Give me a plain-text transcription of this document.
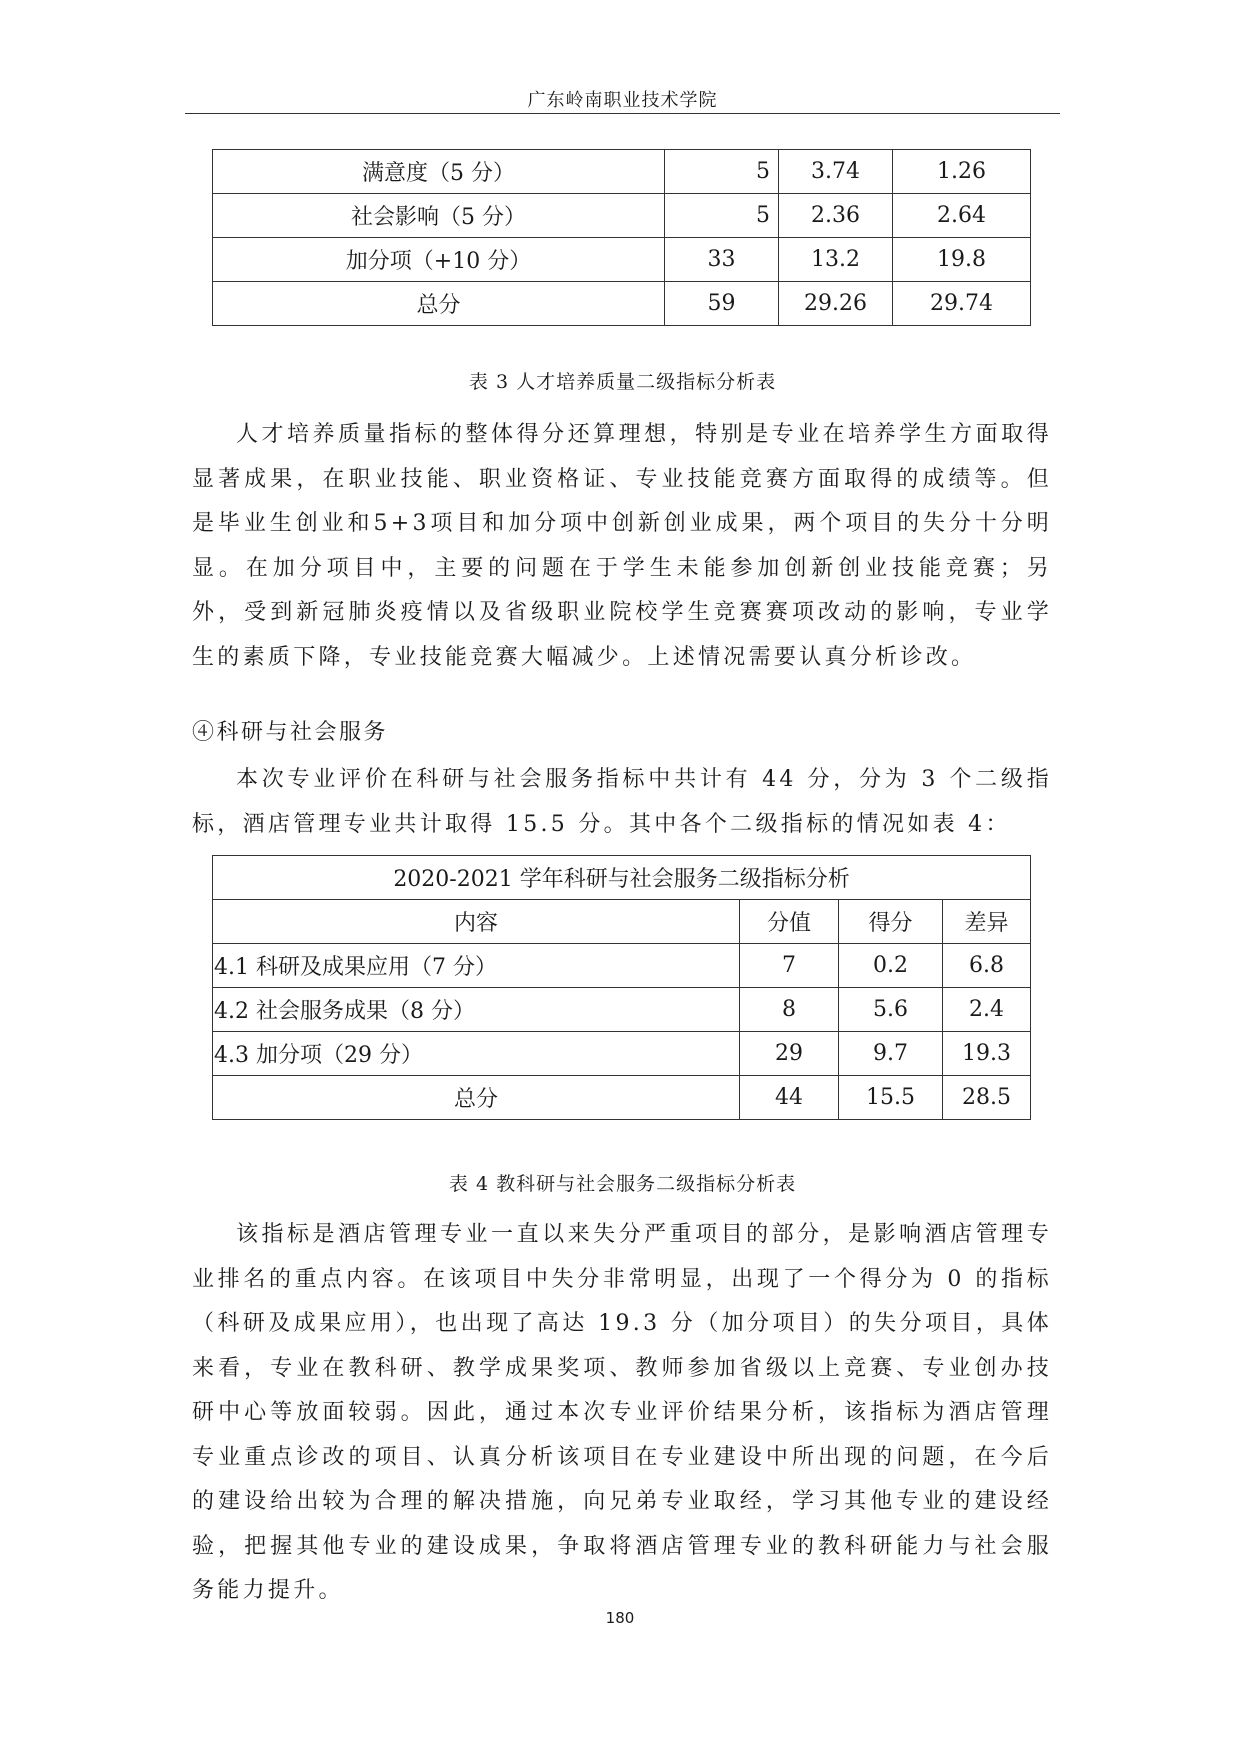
广东岭南职业技术学院
满意度（5 分）	5	3.74	1.26
社会影响（5 分）	5	2.36	2.64
加分项（+10 分）	33	13.2	19.8
总分	59	29.26	29.74
表 3 人才培养质量二级指标分析表

人才培养质量指标的整体得分还算理想，特别是专业在培养学生方面取得显著成果，在职业技能、职业资格证、专业技能竞赛方面取得的成绩等。但是毕业生创业和5+3项目和加分项中创新创业成果，两个项目的失分十分明显。在加分项目中，主要的问题在于学生未能参加创新创业技能竞赛；另外，受到新冠肺炎疫情以及省级职业院校学生竞赛赛项改动的影响，专业学生的素质下降，专业技能竞赛大幅减少。上述情况需要认真分析诊改。

④科研与社会服务

本次专业评价在科研与社会服务指标中共计有 44 分，分为 3 个二级指标，酒店管理专业共计取得 15.5 分。其中各个二级指标的情况如表 4：

2020-2021 学年科研与社会服务二级指标分析			
内容	分值	得分	差异
4.1 科研及成果应用（7 分）	7	0.2	6.8
4.2 社会服务成果（8 分）	8	5.6	2.4
4.3 加分项（29 分）	29	9.7	19.3
总分	44	15.5	28.5
表 4 教科研与社会服务二级指标分析表

该指标是酒店管理专业一直以来失分严重项目的部分，是影响酒店管理专业排名的重点内容。在该项目中失分非常明显，出现了一个得分为 0 的指标（科研及成果应用），也出现了高达 19.3 分（加分项目）的失分项目，具体来看，专业在教科研、教学成果奖项、教师参加省级以上竞赛、专业创办技研中心等放面较弱。因此，通过本次专业评价结果分析，该指标为酒店管理专业重点诊改的项目、认真分析该项目在专业建设中所出现的问题，在今后的建设给出较为合理的解决措施，向兄弟专业取经，学习其他专业的建设经验，把握其他专业的建设成果，争取将酒店管理专业的教科研能力与社会服务能力提升。

180
